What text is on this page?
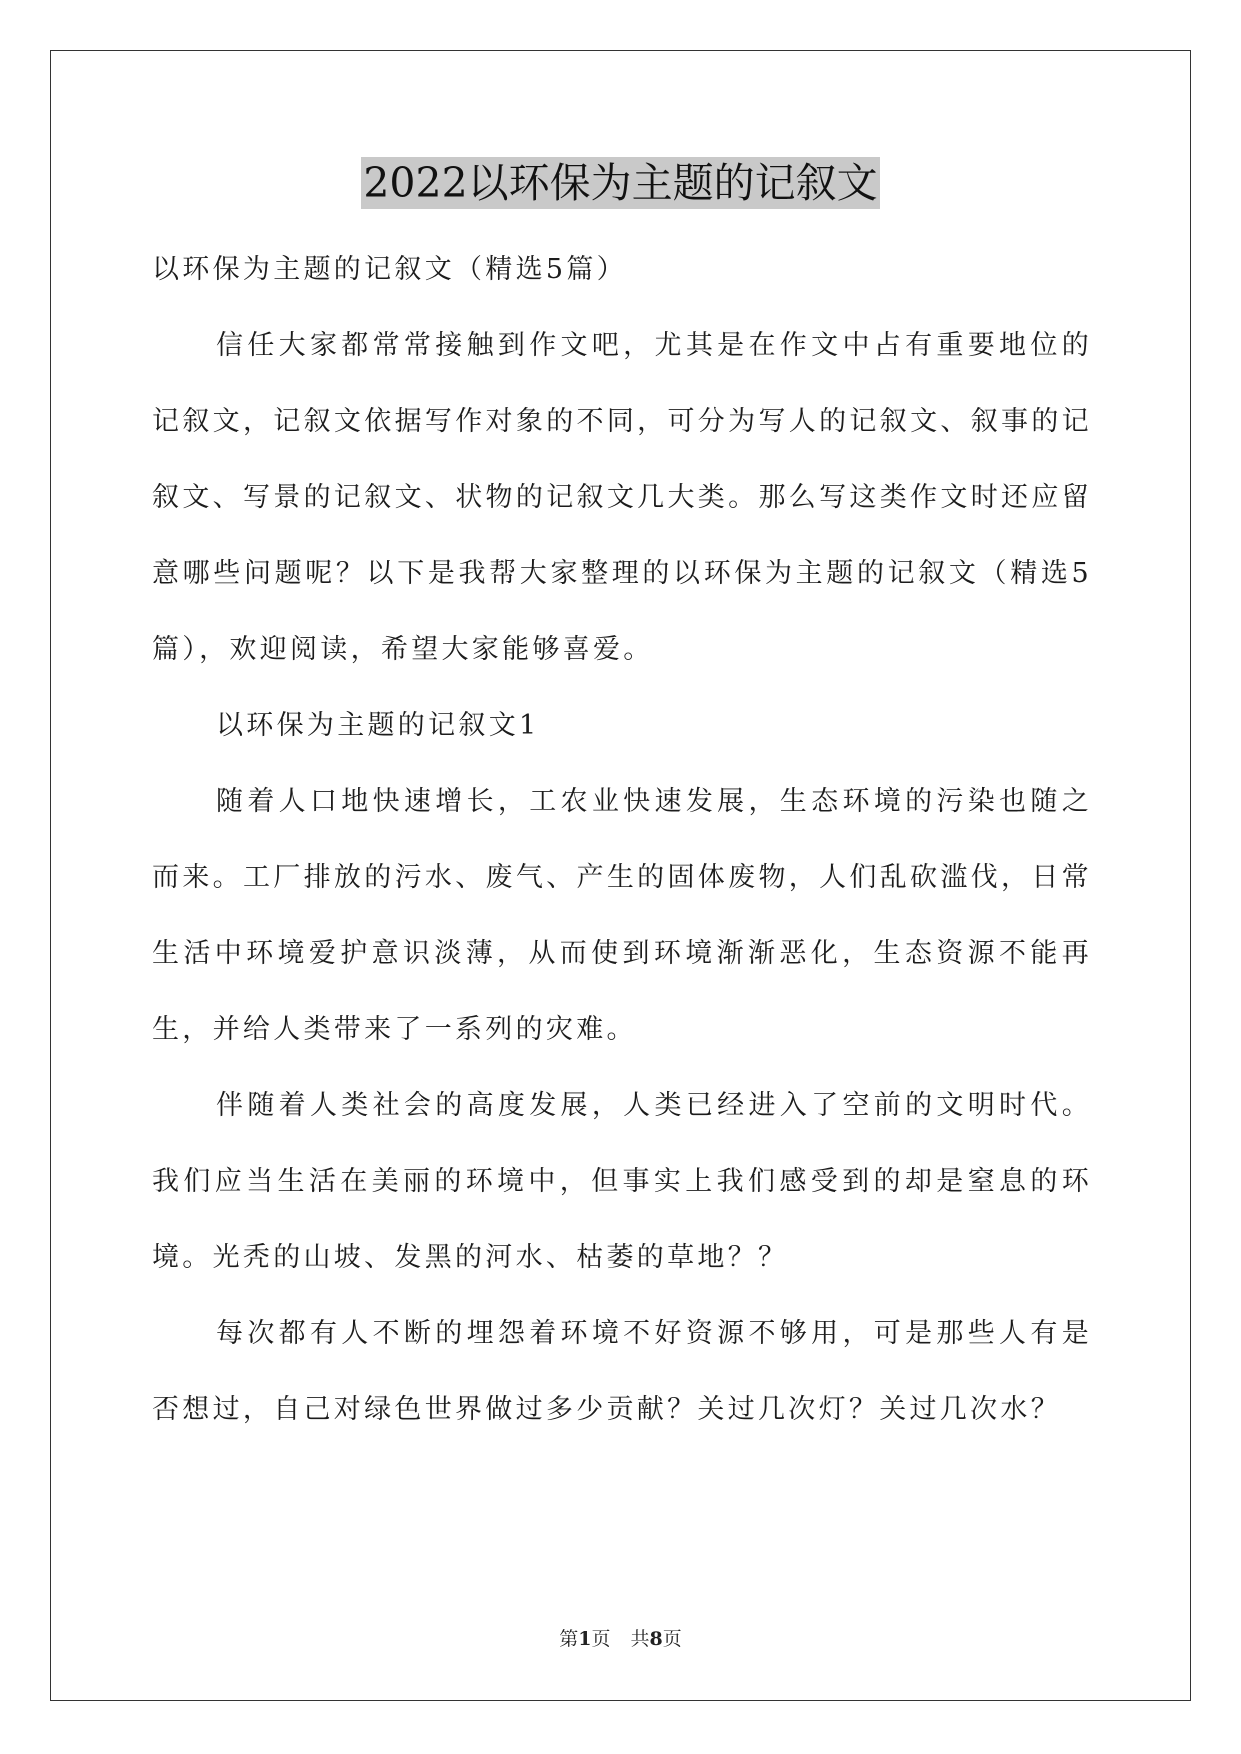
2022以环保为主题的记叙文

以环保为主题的记叙文（精选5篇）

信任大家都常常接触到作文吧，尤其是在作文中占有重要地位的记叙文，记叙文依据写作对象的不同，可分为写人的记叙文、叙事的记叙文、写景的记叙文、状物的记叙文几大类。那么写这类作文时还应留意哪些问题呢？以下是我帮大家整理的以环保为主题的记叙文（精选5篇），欢迎阅读，希望大家能够喜爱。

以环保为主题的记叙文1

随着人口地快速增长，工农业快速发展，生态环境的污染也随之而来。工厂排放的污水、废气、产生的固体废物，人们乱砍滥伐，日常生活中环境爱护意识淡薄，从而使到环境渐渐恶化，生态资源不能再生，并给人类带来了一系列的灾难。

伴随着人类社会的高度发展，人类已经进入了空前的文明时代。我们应当生活在美丽的环境中，但事实上我们感受到的却是窒息的环境。光秃的山坡、发黑的河水、枯萎的草地？？

每次都有人不断的埋怨着环境不好资源不够用，可是那些人有是否想过，自己对绿色世界做过多少贡献？关过几次灯？关过几次水？

第1页 共8页
